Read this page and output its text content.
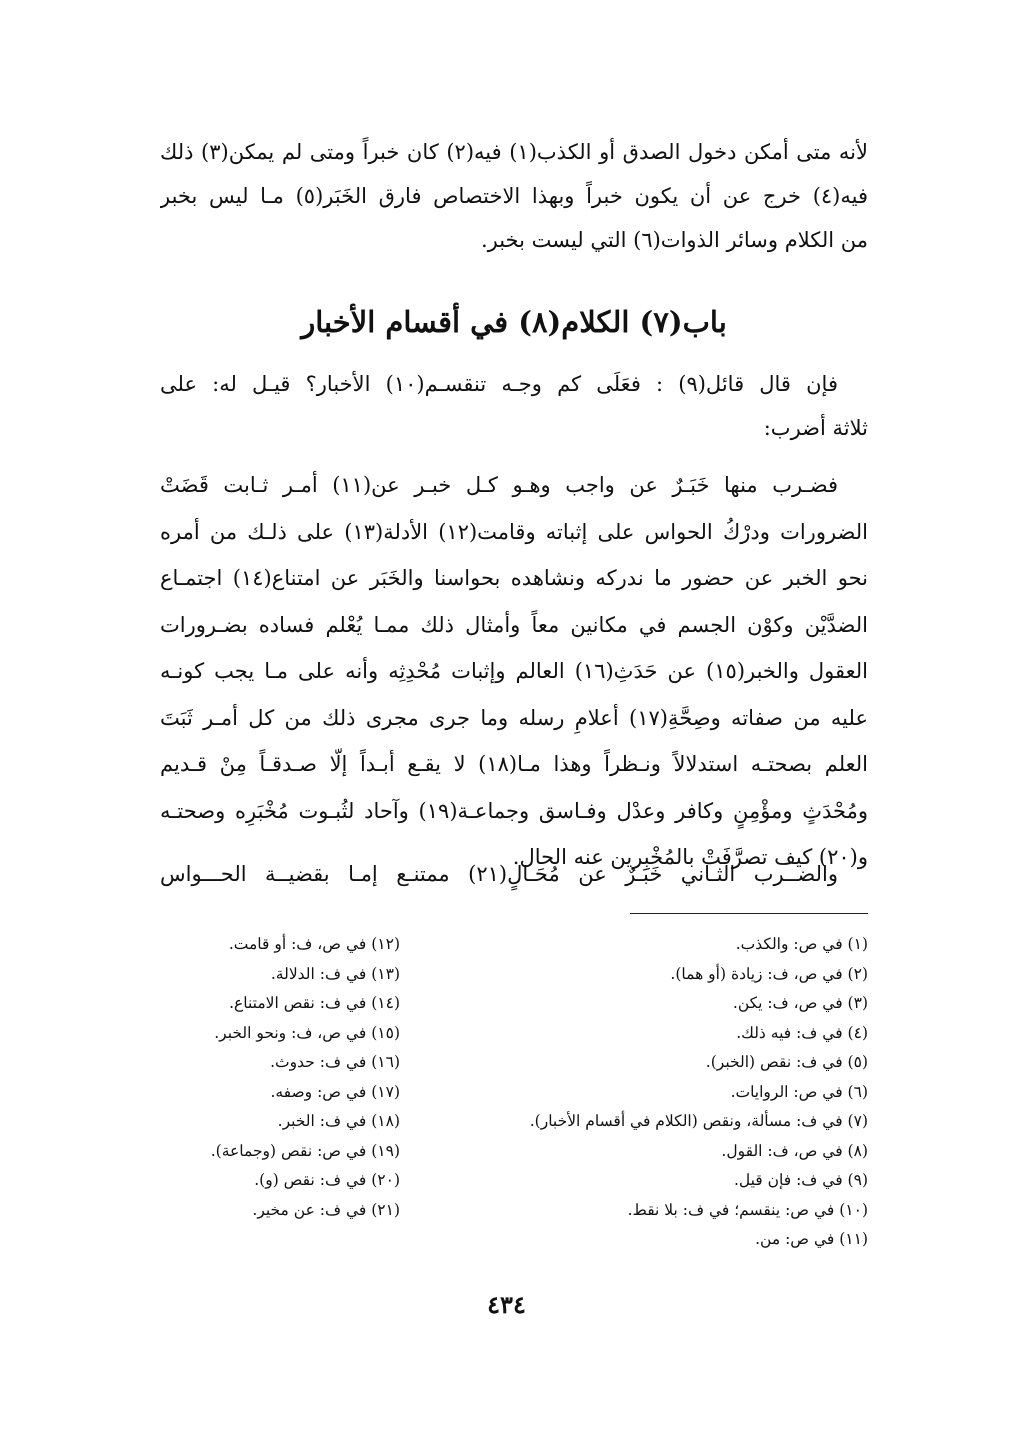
لأنه متى أمكن دخول الصدق أو الكذب(١) فيه(٢) كان خبراً ومتى لم يمكن(٣) ذلك
فيه(٤) خرج عن أن يكون خبراً وبهذا الاختصاص فارق الخَبَر(٥) مـا ليس بخبر
من الكلام وسائر الذوات(٦) التي ليست بخبر.
باب(٧) الكلام(٨) في أقسام الأخبار
فإن قال قائل(٩) : فعَلَى كم وجـه تنقسـم(١٠) الأخبار؟ قيـل له: على
ثلاثة أضرب:
فضـرب منها خَبَـرٌ عن واجب وهـو كـل خبـر عن(١١) أمـر ثـابت قَضَتْ
الضرورات ودرْكُ الحواس على إثباته وقامت(١٢) الأدلة(١٣) على ذلـك من أمره
نحو الخبر عن حضور ما ندركه ونشاهده بحواسنا والخَبَر عن امتناع(١٤) اجتمـاع
الضدَّيْن وكوْن الجسم في مكانين معاً وأمثال ذلك ممـا يُعْلم فساده بضـرورات
العقول والخبر(١٥) عن حَدَثِ(١٦) العالم وإثبات مُحْدِثِه وأنه على مـا يجب كونـه
عليه من صفاته وصِحَّةِ(١٧) أعلامِ رسله وما جرى مجرى ذلك من كل أمـر ثَبَتَ
العلم بصحتـه استدلالاً ونـظراً وهذا مـا(١٨) لا يقـع أبـداً إلّا صـدقـاً مِنْ قـديم
ومُحْدَثٍ ومؤْمِنٍ وكافر وعدْل وفـاسق وجماعـة(١٩) وآحاد لثُبـوت مُخْبَرِه وصحتـه
و(٢٠) كيف تصرَّفَتْ بالمُخْبِرين عنه الحال.
والضــرب الثـاني خَبَـرٌ عن مُحَـالٍ(٢١) ممتنـع إمـا بقضيــة الحـــواس
(١) في ص: والكذب.
(٢) في ص، ف: زيادة (أو هما).
(٣) في ص، ف: يكن.
(٤) في ف: فيه ذلك.
(٥) في ف: نقص (الخبر).
(٦) في ص: الروايات.
(٧) في ف: مسألة، ونقص (الكلام في أقسام الأخبار).
(٨) في ص، ف: القول.
(٩) في ف: فإن قيل.
(١٠) في ص: ينقسم؛ في ف: بلا نقط.
(١١) في ص: من.
(١٢) في ص، ف: أو قامت.
(١٣) في ف: الدلالة.
(١٤) في ف: نقص الامتناع.
(١٥) في ص، ف: ونحو الخبر.
(١٦) في ف: حدوث.
(١٧) في ص: وصفه.
(١٨) في ف: الخبر.
(١٩) في ص: نقص (وجماعة).
(٢٠) في ف: نقص (و).
(٢١) في ف: عن مخير.
٤٣٤
